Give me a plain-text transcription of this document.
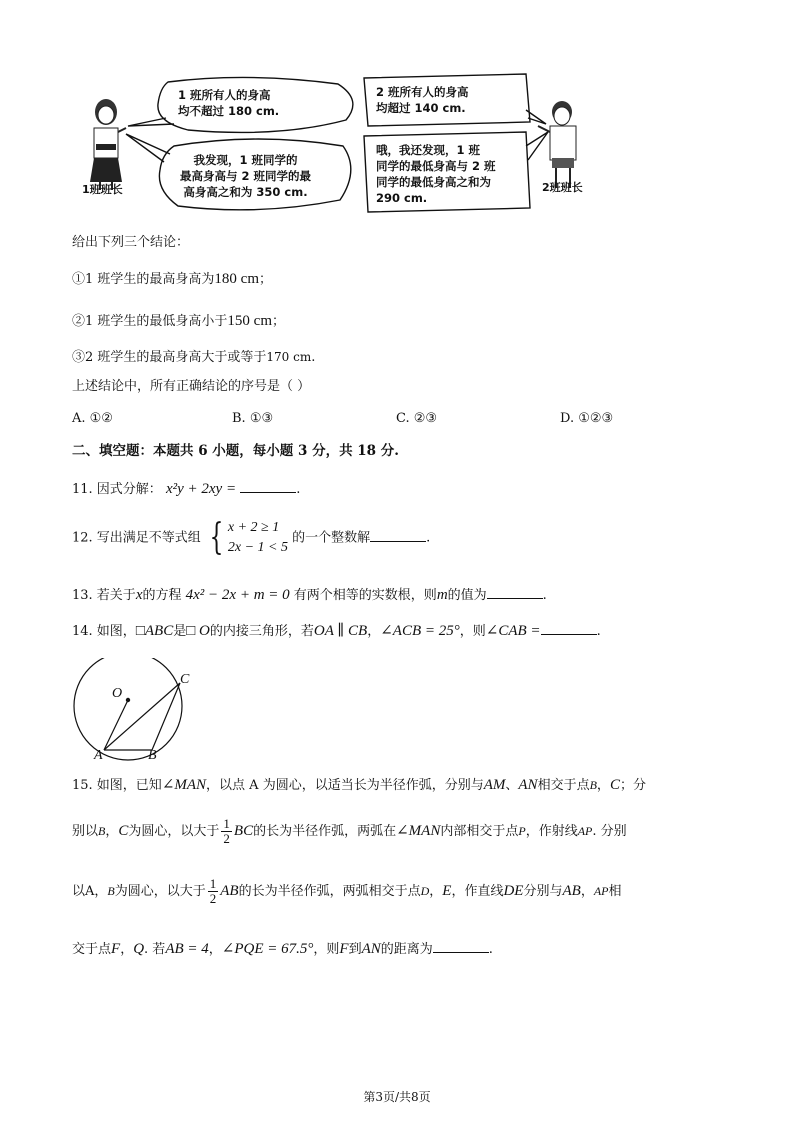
1 班所有人的身高
均不超过 180 cm.
我发现，1 班同学的
最高身高与 2 班同学的最
高身高之和为 350 cm.
2 班所有人的身高
均超过 140 cm.
哦，我还发现，1 班
同学的最低身高与 2 班
同学的最低身高之和为
290 cm.
1班班长	2班班长
给出下列三个结论：
①1 班学生的最高身高为180 cm；
②1 班学生的最低身高小于150 cm；
③2 班学生的最高身高大于或等于170 cm.
上述结论中，所有正确结论的序号是（ ）
A. ①②	B. ①③	C. ②③	D. ①②③
二、填空题：本题共 6 小题，每小题 3 分，共 18 分.
11. 因式分解： x²y + 2xy =	.
12. 写出满足不等式组 { x + 2 ≥ 1
2x − 1 < 5
的一个整数解	.
13. 若关于x的方程 4x² − 2x + m = 0 有两个相等的实数根，则m的值为	.
14. 如图，□ABC是□ O的内接三角形，若OA ∥ CB，∠ACB = 25°，则∠CAB =	.
O
C
A	B
15. 如图，已知∠MAN，以点 A 为圆心，以适当长为半径作弧，分别与AM、AN相交于点B，C；分
别以B，C为圆心，以大于 $\frac{1}{2}$ BC的长为半径作弧，两弧在∠MAN内部相交于点P，作射线AP. 分别
以A，B为圆心，以大于 $\frac{1}{2}$ AB的长为半径作弧，两弧相交于点D，E，作直线DE分别与AB，AP相
交于点F，Q. 若AB = 4，∠PQE = 67.5°，则F到AN的距离为	.
第3页/共8页
